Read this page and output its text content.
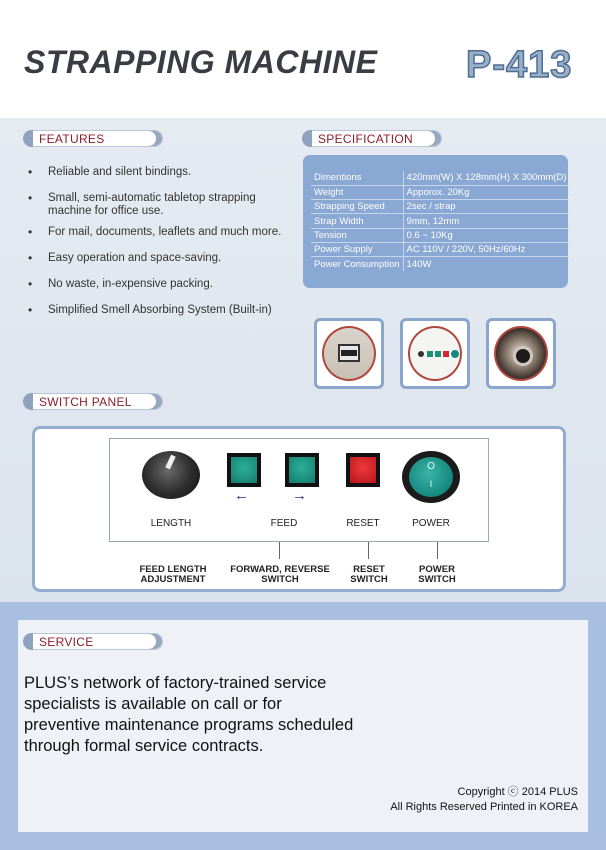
STRAPPING MACHINE P-413
FEATURES
• Reliable and silent bindings.
• Small, semi-automatic tabletop strapping machine for office use.
• For mail, documents, leaflets and much more.
• Easy operation and space-saving.
• No waste, in-expensive packing.
• Simplified Smell Absorbing System (Built-in)
SPECIFICATION
Dimentions	420mm(W) X 128mm(H) X 300mm(D)
Weight	Apporox. 20Kg
Strapping Speed	2sec / strap
Strap Width	9mm, 12mm
Tension	0.6 ~ 10Kg
Power Supply	AC 110V / 220V, 50Hz/60Hz
Power Consumption	140W
SWITCH PANEL
O
I
←	→
LENGTH	FEED	RESET	POWER
FEED LENGTH
ADJUSTMENT
FORWARD, REVERSE
SWITCH
RESET
SWITCH
POWER
SWITCH
SERVICE
PLUS’s network of factory-trained service specialists is available on call or for preventive maintenance programs scheduled through formal service contracts.
Copyright ⓒ 2014 PLUS
All Rights Reserved Printed in KOREA
